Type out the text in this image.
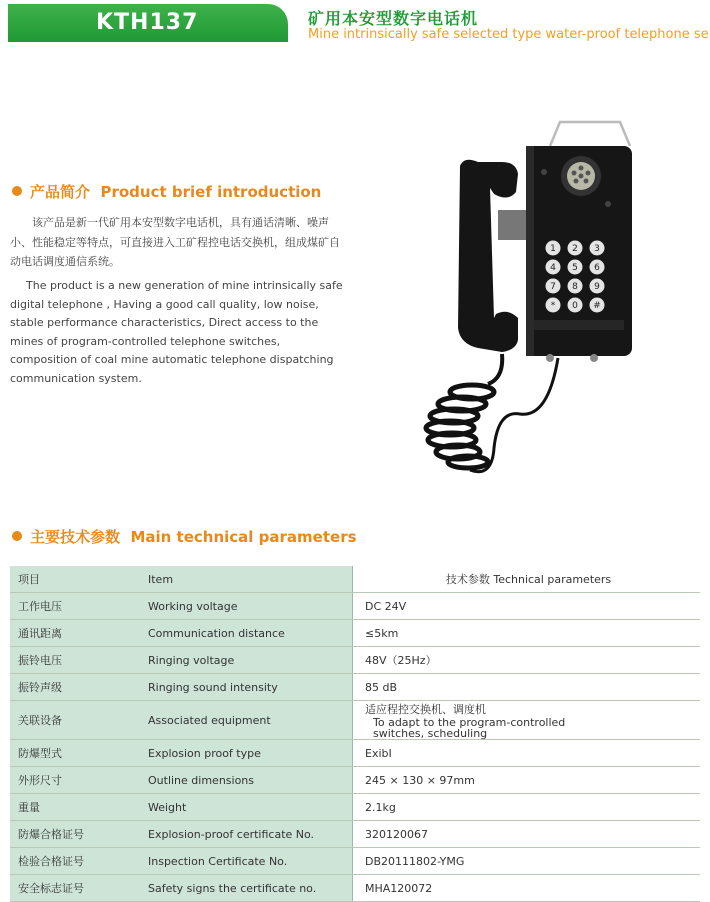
KTH137	矿用本安型数字电话机
Mine intrinsically safe selected type water-proof telephone se
产品简介 Product brief introduction
该产品是新一代矿用本安型数字电话机，具有通话清晰、噪声小、性能稳定等特点，可直接进入工矿程控电话交换机，组成煤矿自动电话调度通信系统。
The product is a new generation of mine intrinsically safe digital telephone , Having a good call quality, low noise, stable performance characteristics, Direct access to the mines of program-controlled telephone switches, composition of coal mine automatic telephone dispatching communication system.
1 2 3
4 5 6
7 8 9
* 0 #
主要技术参数 Main technical parameters
项目	Item	技术参数 Technical parameters
工作电压	Working voltage	DC 24V
通讯距离	Communication distance	≤5km
振铃电压	Ringing voltage	48V（25Hz）
振铃声级	Ringing sound intensity	85 dB
关联设备	Associated equipment	适应程控交换机、调度机To adapt to the program-controlled switches, scheduling
防爆型式	Explosion proof type	ExibI
外形尺寸	Outline dimensions	245 × 130 × 97mm
重量	Weight	2.1kg
防爆合格证号	Explosion-proof certificate No.	320120067
检验合格证号	Inspection Certificate No.	DB20111802-YMG
安全标志证号	Safety signs the certificate no.	MHA120072
